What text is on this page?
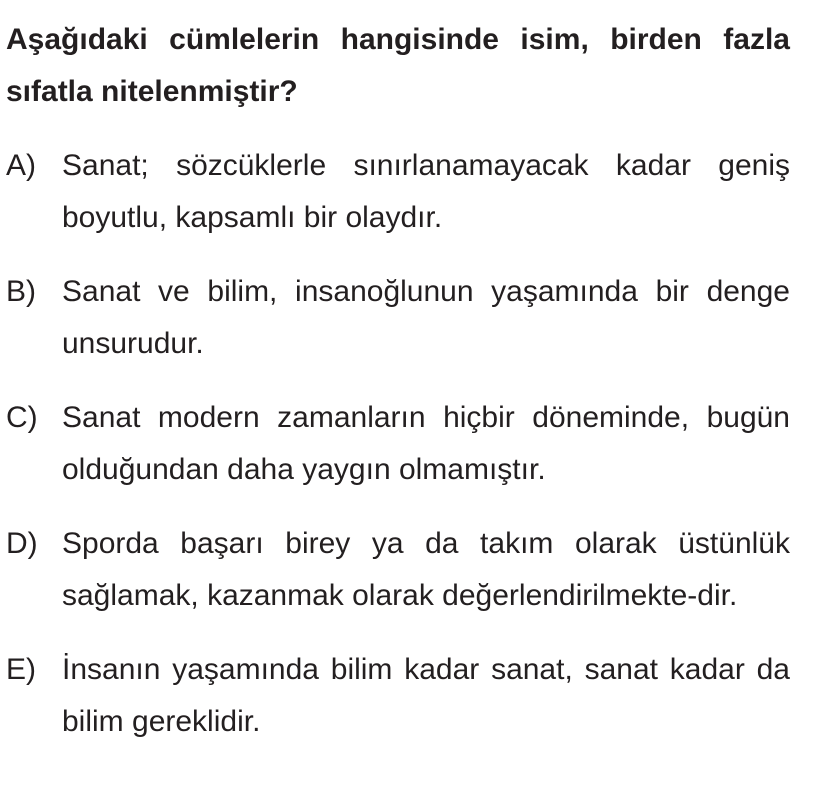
Aşağıdaki cümlelerin hangisinde isim, birden fazla sıfatla nitelenmiştir?
A) Sanat; sözcüklerle sınırlanamayacak kadar geniş boyutlu, kapsamlı bir olaydır.
B) Sanat ve bilim, insanoğlunun yaşamında bir denge unsurudur.
C) Sanat modern zamanların hiçbir döneminde, bugün olduğundan daha yaygın olmamıştır.
D) Sporda başarı birey ya da takım olarak üstünlük sağlamak, kazanmak olarak değerlendirilmekte-dir.
E) İnsanın yaşamında bilim kadar sanat, sanat kadar da bilim gereklidir.
